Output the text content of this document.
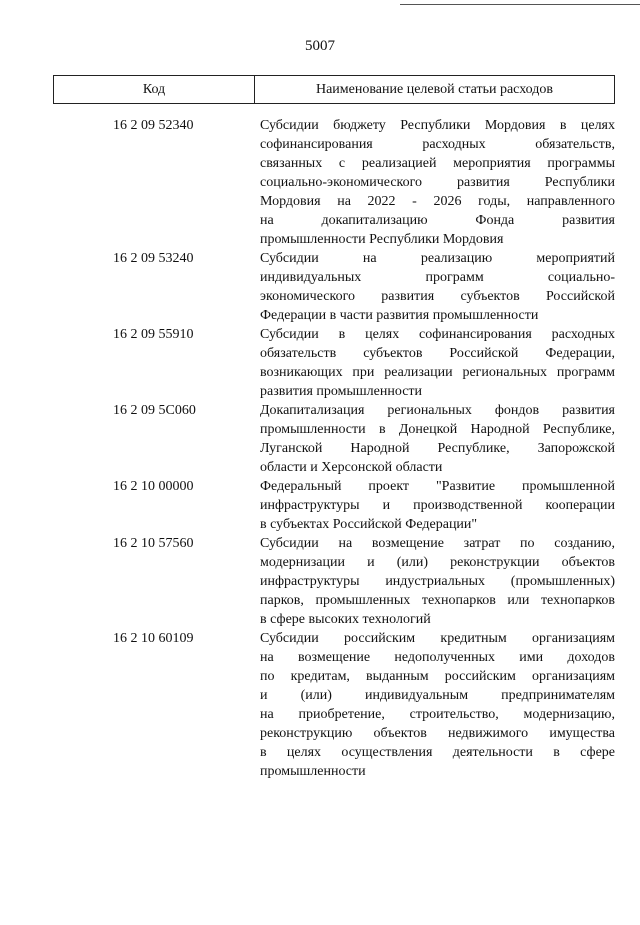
5007
Код	Наименование целевой статьи расходов
16 2 09 52340	Субсидии бюджету Республики Мордовия в целях
софинансирования расходных обязательств,
связанных с реализацией мероприятия программы
социально-экономического развития Республики
Мордовия на 2022 - 2026 годы, направленного
на докапитализацию Фонда развития
промышленности Республики Мордовия
16 2 09 53240	Субсидии на реализацию мероприятий
индивидуальных программ социально-
экономического развития субъектов Российской
Федерации в части развития промышленности
16 2 09 55910	Субсидии в целях софинансирования расходных
обязательств субъектов Российской Федерации,
возникающих при реализации региональных программ
развития промышленности
16 2 09 5С060	Докапитализация региональных фондов развития
промышленности в Донецкой Народной Республике,
Луганской Народной Республике, Запорожской
области и Херсонской области
16 2 10 00000	Федеральный проект "Развитие промышленной
инфраструктуры и производственной кооперации
в субъектах Российской Федерации"
16 2 10 57560	Субсидии на возмещение затрат по созданию,
модернизации и (или) реконструкции объектов
инфраструктуры индустриальных (промышленных)
парков, промышленных технопарков или технопарков
в сфере высоких технологий
16 2 10 60109	Субсидии российским кредитным организациям
на возмещение недополученных ими доходов
по кредитам, выданным российским организациям
и (или) индивидуальным предпринимателям
на приобретение, строительство, модернизацию,
реконструкцию объектов недвижимого имущества
в целях осуществления деятельности в сфере
промышленности
